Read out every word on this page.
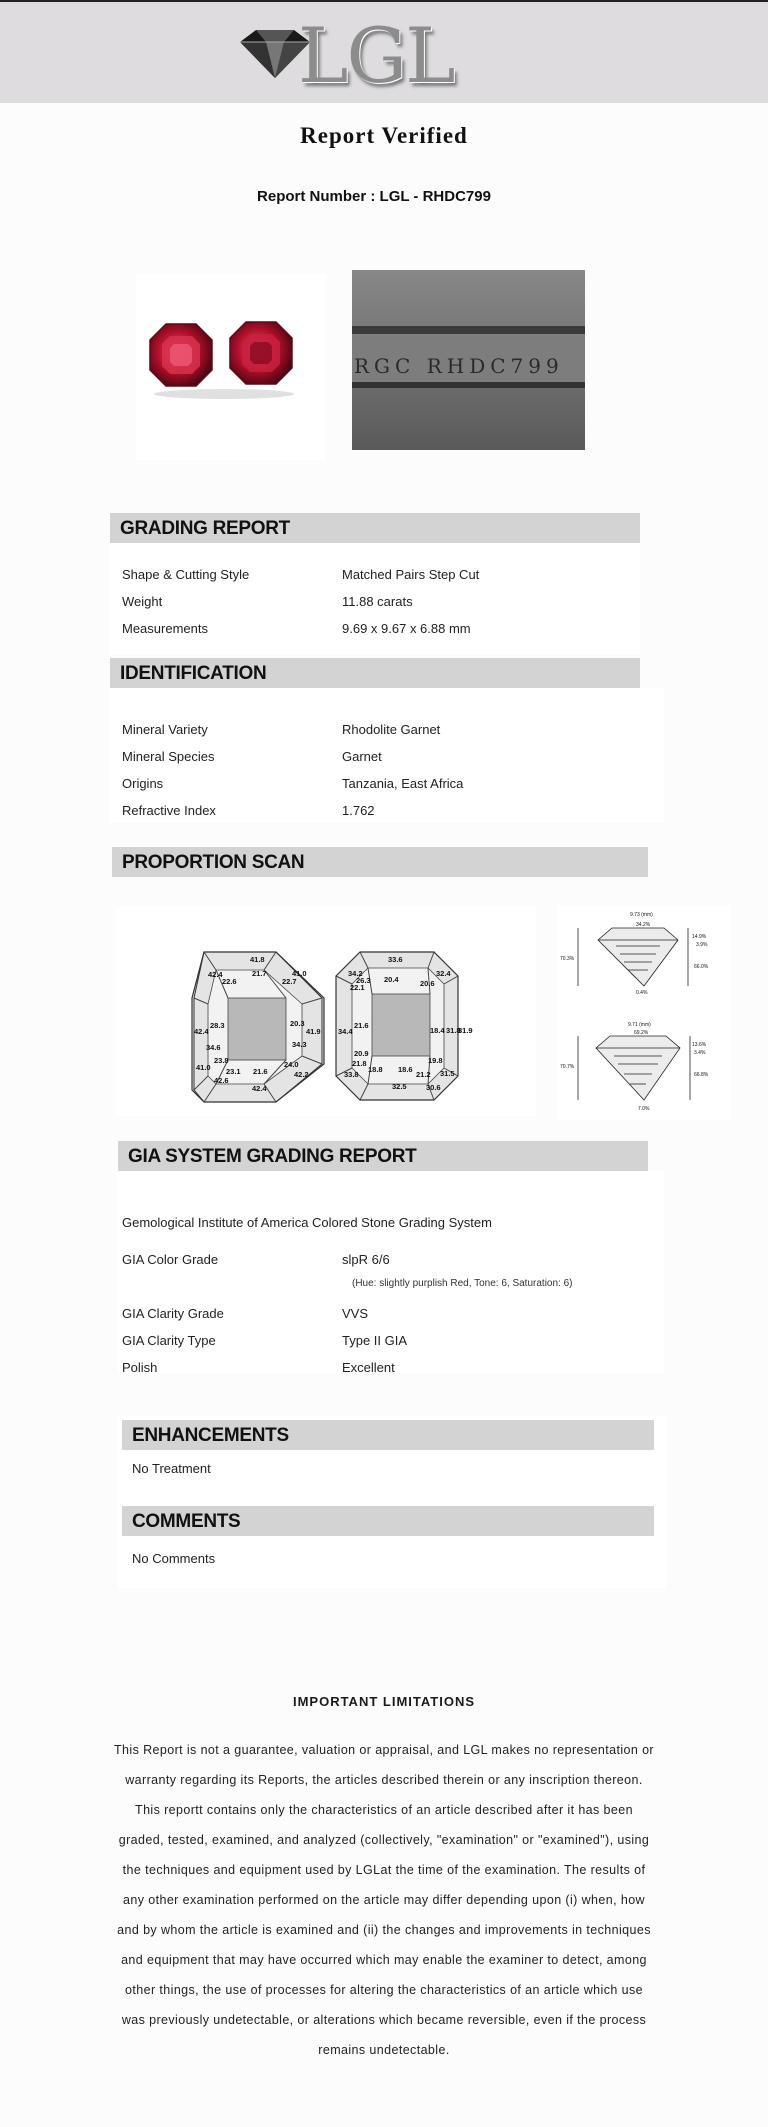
LGL
Report Verified
Report Number : LGL - RHDC799
RGC RHDC799
GRADING REPORT
Shape & Cutting Style	Matched Pairs Step Cut
Weight	11.88 carats
Measurements	9.69 x 9.67 x 6.88 mm
IDENTIFICATION
Mineral Variety	Rhodolite Garnet
Mineral Species	Garnet
Origins	Tanzania, East Africa
Refractive Index	1.762
PROPORTION SCAN
41.8
42.4
22.6
21.7
22.7
41.0
42.4
28.3
34.6
20.3
34.3
41.9
41.0
23.8
23.1 21.6
24.0
42.2
42.6
42.4
33.6
34.2	32.4
26.3
22.1
20.4	20.6
34.4
21.6
18.4 31.8
31.9
20.9
21.8
18.6
19.8
33.8
18.8
21.2 31.5
32.5	30.6
9.73 (mm)
34.2%
14.9%
3.9%
70.3%
66.0%
0.4%
9.71 (mm)
69.2%
13.6%
3.4%
70.7%
66.8%
7.0%
GIA SYSTEM GRADING REPORT
Gemological Institute of America Colored Stone Grading System
GIA Color Grade	slpR 6/6
(Hue: slightly purplish Red, Tone: 6, Saturation: 6)
GIA Clarity Grade	VVS
GIA Clarity Type	Type II GIA
Polish	Excellent
ENHANCEMENTS
No Treatment
COMMENTS
No Comments
IMPORTANT LIMITATIONS
This Report is not a guarantee, valuation or appraisal, and LGL makes no representation or warranty regarding its Reports, the articles described therein or any inscription thereon. This reportt contains only the characteristics of an article described after it has been graded, tested, examined, and analyzed (collectively, "examination" or "examined"), using the techniques and equipment used by LGLat the time of the examination. The results of any other examination performed on the article may differ depending upon (i) when, how and by whom the article is examined and (ii) the changes and improvements in techniques and equipment that may have occurred which may enable the examiner to detect, among other things, the use of processes for altering the characteristics of an article which use was previously undetectable, or alterations which became reversible, even if the process remains undetectable.
